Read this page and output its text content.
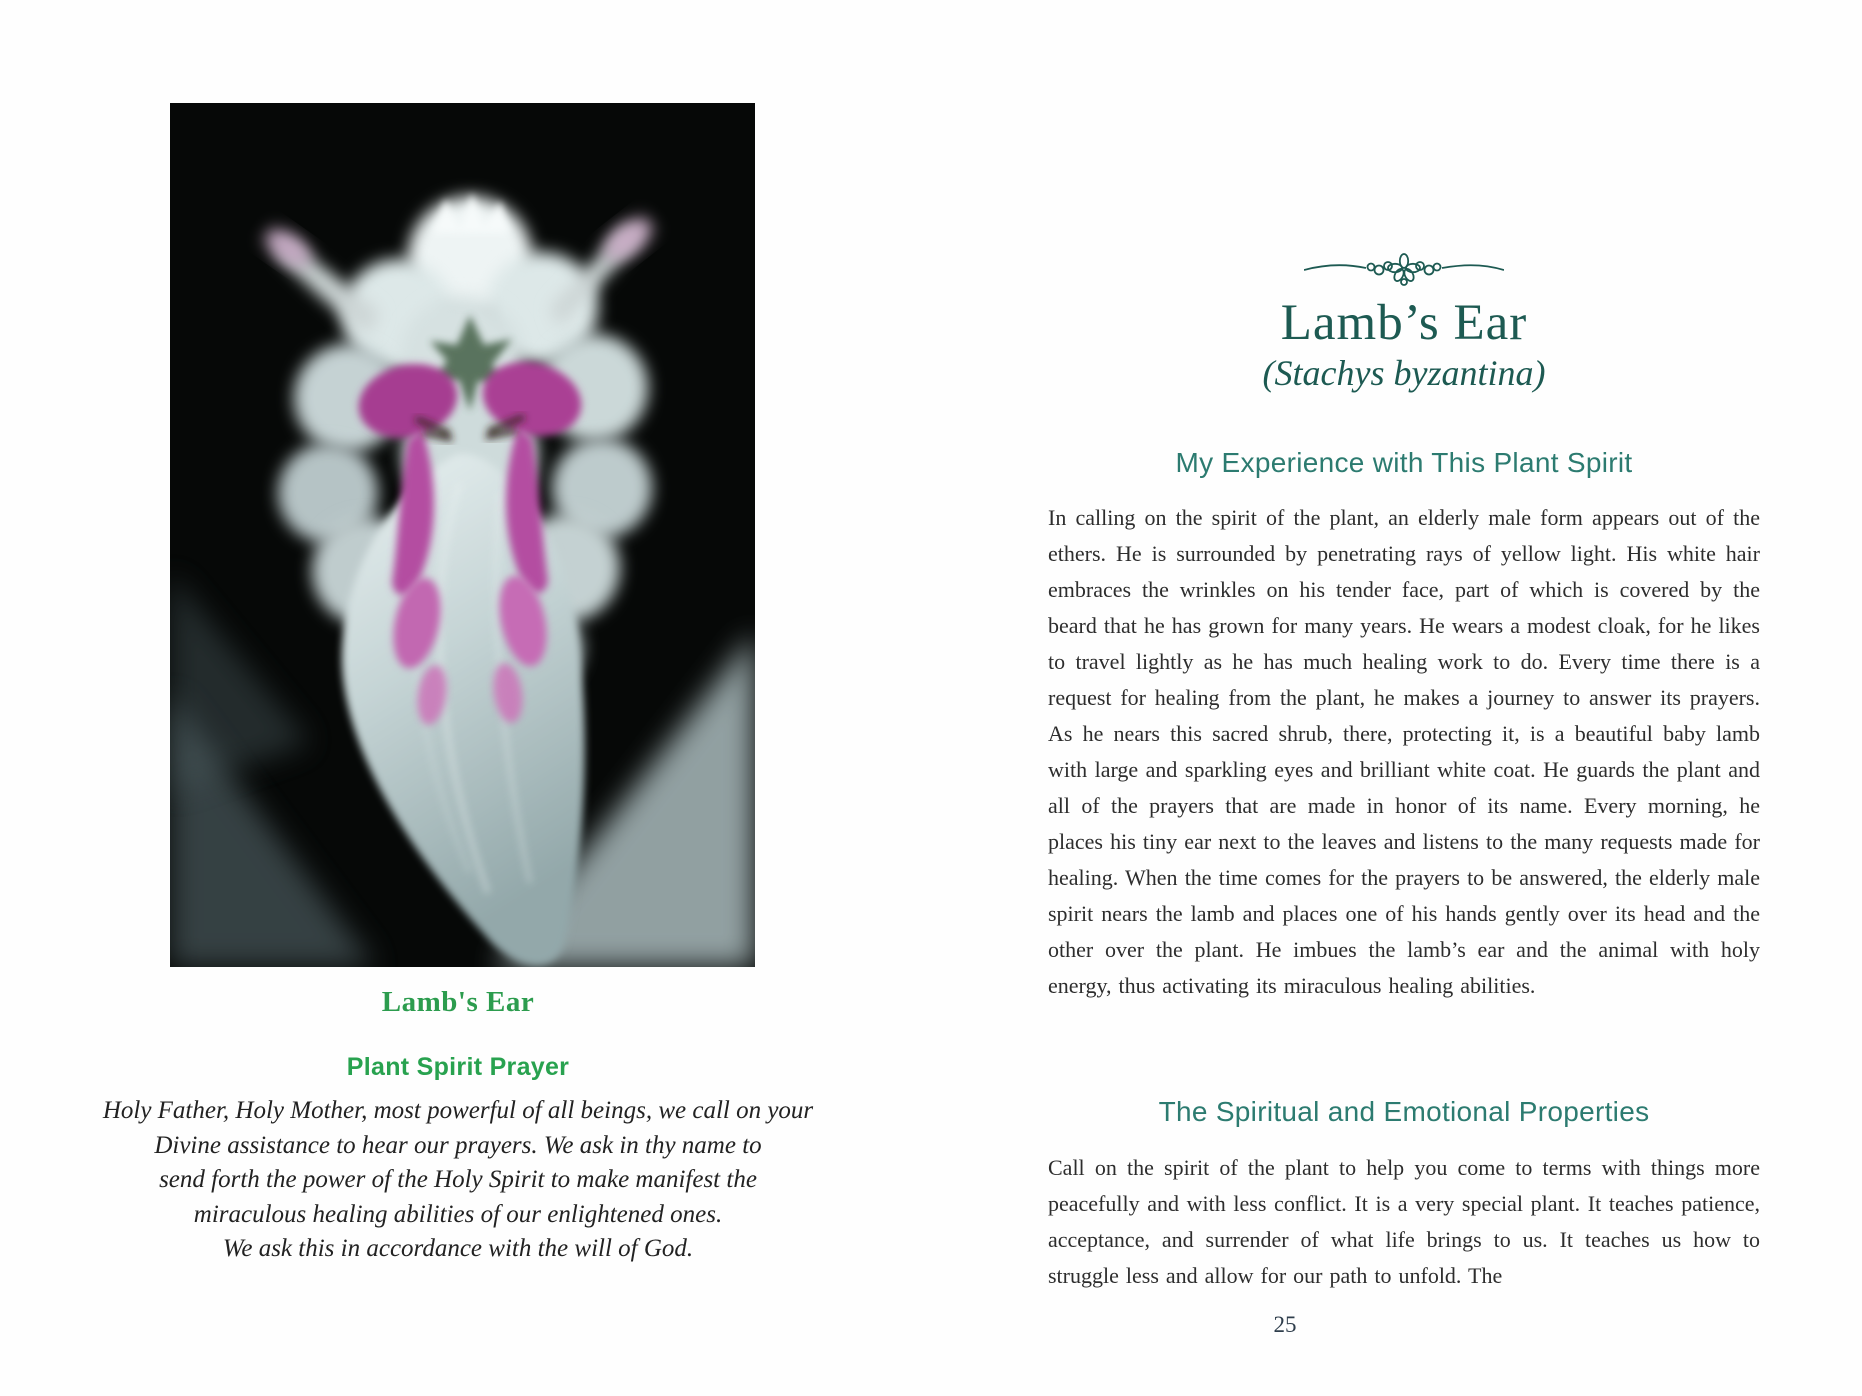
Lamb's Ear
Plant Spirit Prayer
Holy Father, Holy Mother, most powerful of all beings, we call on your
Divine assistance to hear our prayers. We ask in thy name to
send forth the power of the Holy Spirit to make manifest the
miraculous healing abilities of our enlightened ones.
We ask this in accordance with the will of God.
Lamb’s Ear
(Stachys byzantina)
My Experience with This Plant Spirit
In calling on the spirit of the plant, an elderly male form appears out of the ethers. He is surrounded by penetrating rays of yellow light. His white hair embraces the wrinkles on his tender face, part of which is covered by the beard that he has grown for many years. He wears a modest cloak, for he likes to travel lightly as he has much healing work to do. Every time there is a request for healing from the plant, he makes a journey to answer its prayers. As he nears this sacred shrub, there, protecting it, is a beautiful baby lamb with large and sparkling eyes and brilliant white coat. He guards the plant and all of the prayers that are made in honor of its name. Every morning, he places his tiny ear next to the leaves and listens to the many requests made for healing. When the time comes for the prayers to be answered, the elderly male spirit nears the lamb and places one of his hands gently over its head and the other over the plant. He imbues the lamb’s ear and the animal with holy energy, thus activating its miraculous healing abilities.
The Spiritual and Emotional Properties
Call on the spirit of the plant to help you come to terms with things more peacefully and with less conflict. It is a very special plant. It teaches patience, acceptance, and surrender of what life brings to us. It teaches us how to struggle less and allow for our path to unfold. The
25
